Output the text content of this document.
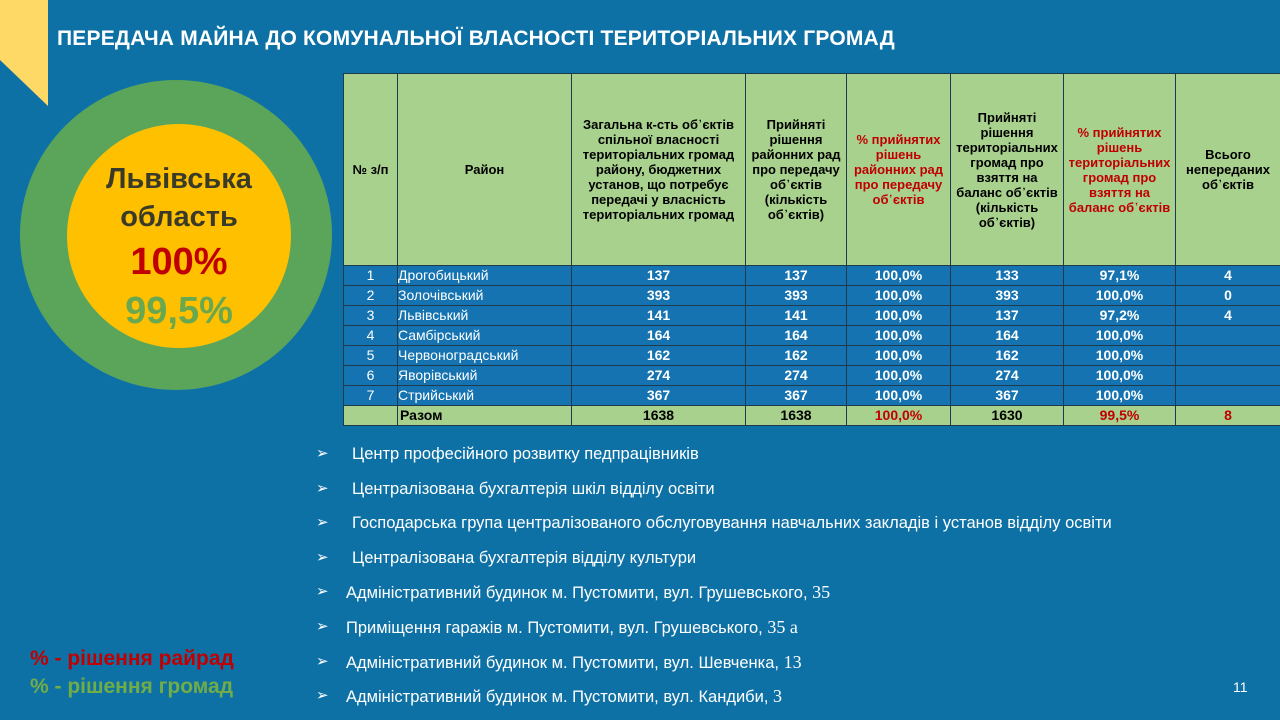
ПЕРЕДАЧА МАЙНА ДО КОМУНАЛЬНОЇ ВЛАСНОСТІ ТЕРИТОРІАЛЬНИХ ГРОМАД
Львівська
область
100%
99,5%
№ з/п	Район	Загальна к-сть об᾽єктів спільної власності територіальних громад району, бюджетних установ, що потребує передачі у власність територіальних громад	Прийняті рішення районних рад про передачу об᾽єктів (кількість об᾽єктів)	% прийнятих рішень районних рад про передачу об᾽єктів	Прийняті рішення територіальних громад про взяття на баланс об᾽єктів (кількість об᾽єктів)	% прийнятих рішень територіальних громад про взяття на баланс об᾽єктів	Всього непереданих об᾽єктів
1	Дрогобицький	137	137	100,0%	133	97,1%	4
2	Золочівський	393	393	100,0%	393	100,0%	0
3	Львівський	141	141	100,0%	137	97,2%	4
4	Самбірський	164	164	100,0%	164	100,0%	
5	Червоноградський	162	162	100,0%	162	100,0%	
6	Яворівський	274	274	100,0%	274	100,0%	
7	Стрийський	367	367	100,0%	367	100,0%	
	Разом	1638	1638	100,0%	1630	99,5%	8
➢	Центр професійного розвитку педпрацівників
➢	Централізована бухгалтерія шкіл відділу освіти
➢	Господарська група централізованого обслуговування навчальних закладів і установ відділу освіти
➢	Централізована бухгалтерія відділу культури
➢	Адміністративний будинок м. Пустомити, вул. Грушевського, 35
➢	Приміщення гаражів м. Пустомити, вул. Грушевського, 35 а
➢	Адміністративний будинок м. Пустомити, вул. Шевченка, 13
➢	Адміністративний будинок м. Пустомити, вул. Кандиби, 3
% - рішення райрад
% - рішення громад	11
